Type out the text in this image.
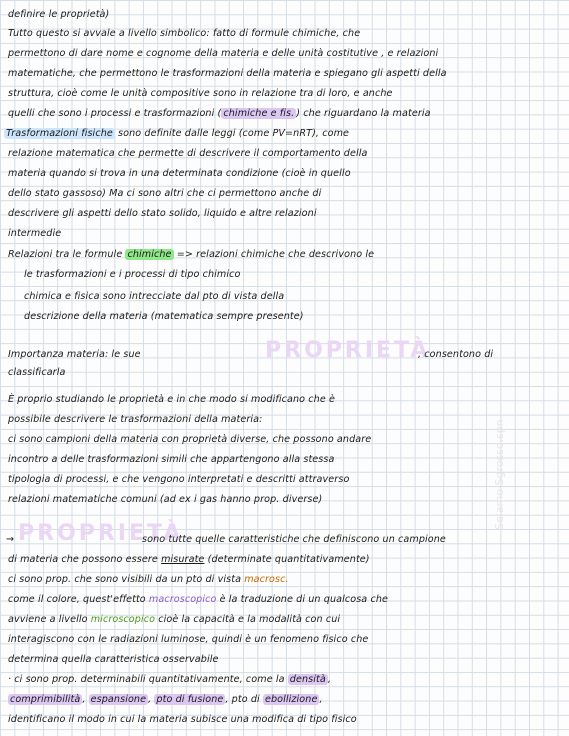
definire le proprietà)
Tutto questo si avvale a livello simbolico: fatto di formule chimiche, che
permettono di dare nome e cognome della materia e delle unità costitutive , e relazioni
matematiche, che permettono le trasformazioni della materia e spiegano gli aspetti della
struttura, cioè come le unità compositive sono in relazione tra di loro, e anche
quelli che sono i processi e trasformazioni ( chimiche e fis. ) che riguardano la materia
Trasformazioni fisiche sono definite dalle leggi (come PV=nRT), come
relazione matematica che permette di descrivere il comportamento della
materia quando si trova in una determinata condizione (cioè in quello
dello stato gassoso) Ma ci sono altri che ci permettono anche di
descrivere gli aspetti dello stato solido, liquido e altre relazioni
intermedie
Relazioni tra le formule chimiche => relazioni chimiche che descrivono le
le trasformazioni e i processi di tipo chimico
chimica e fisica sono intrecciate dal pto di vista della
descrizione della materia (matematica sempre presente)
Importanza materia: le sue	PROPRIETÀ
, consentono di
classificarla
È proprio studiando le proprietà e in che modo si modificano che è
possibile descrivere le trasformazioni della materia:
ci sono campioni della materia con proprietà diverse, che possono andare
incontro a delle trasformazioni simili che appartengono alla stessa
tipologia di processi, e che vengono interpretati e descritti attraverso
relazioni matematiche comuni (ad ex i gas hanno prop. diverse)
→ PROPRIETÀ
sono tutte quelle caratteristiche che definiscono un campione
di materia che possono essere misurate (determinate quantitativamente)
ci sono prop. che sono visibili da un pto di vista macrosc.
come il colore, quest'effetto macroscopico è la traduzione di un qualcosa che
avviene a livello microscopico cioè la capacità e la modalità con cui
interagiscono con le radiazioni luminose, quindi è un fenomeno fisico che
determina quella caratteristica osservabile
· ci sono prop. determinabili quantitativamente, come la densità ,
comprimibilità , espansione , pto di fusione , pto di ebollizione ,
identificano il modo in cui la materia subisce una modifica di tipo fisico
Seiamo Sgrosso.spn
